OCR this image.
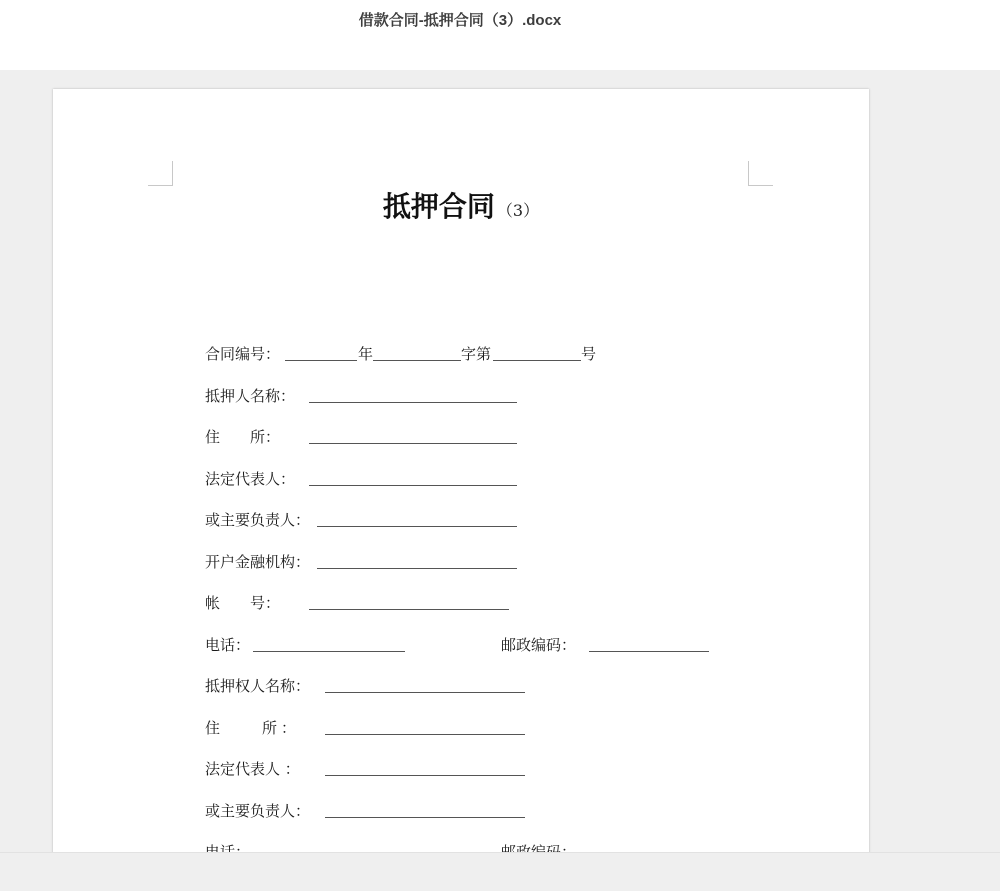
借款合同-抵押合同（3）.docx
抵押合同 （3）
合同编号：	年	字第	号
抵押人名称：
住　　所：
法定代表人：
或主要负责人：
开户金融机构：
帐　　号：
电话：	邮政编码：
抵押权人名称：
住　　所：
法定代表人 ：
或主要负责人：
